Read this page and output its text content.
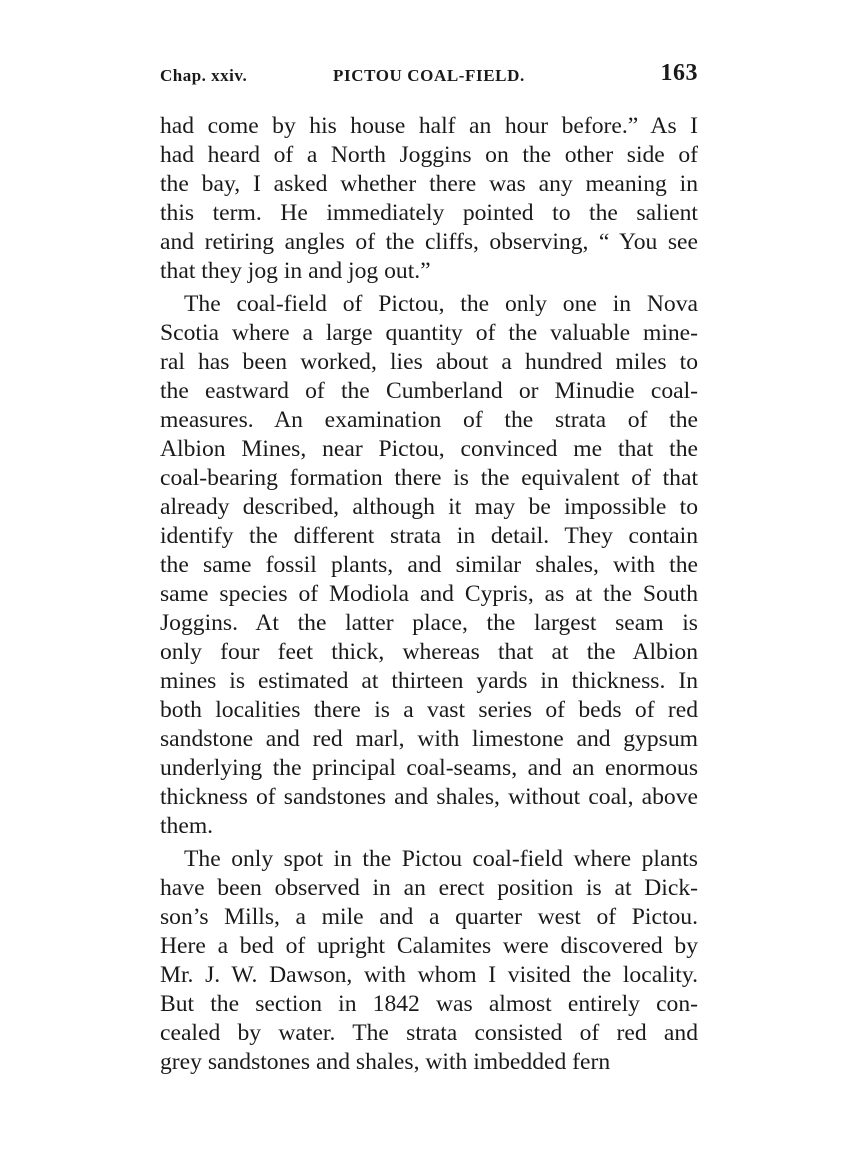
Chap. xxiv.	PICTOU COAL-FIELD.	163
had come by his house half an hour before.” As I
had heard of a North Joggins on the other side of
the bay, I asked whether there was any meaning in
this term. He immediately pointed to the salient
and retiring angles of the cliffs, observing, “ You see
that they jog in and jog out.”
The coal-field of Pictou, the only one in Nova
Scotia where a large quantity of the valuable mine-
ral has been worked, lies about a hundred miles to
the eastward of the Cumberland or Minudie coal-
measures. An examination of the strata of the
Albion Mines, near Pictou, convinced me that the
coal-bearing formation there is the equivalent of that
already described, although it may be impossible to
identify the different strata in detail. They contain
the same fossil plants, and similar shales, with the
same species of Modiola and Cypris, as at the South
Joggins. At the latter place, the largest seam is
only four feet thick, whereas that at the Albion
mines is estimated at thirteen yards in thickness. In
both localities there is a vast series of beds of red
sandstone and red marl, with limestone and gypsum
underlying the principal coal-seams, and an enormous
thickness of sandstones and shales, without coal, above
them.
The only spot in the Pictou coal-field where plants
have been observed in an erect position is at Dick-
son’s Mills, a mile and a quarter west of Pictou.
Here a bed of upright Calamites were discovered by
Mr. J. W. Dawson, with whom I visited the locality.
But the section in 1842 was almost entirely con-
cealed by water. The strata consisted of red and
grey sandstones and shales, with imbedded fern
